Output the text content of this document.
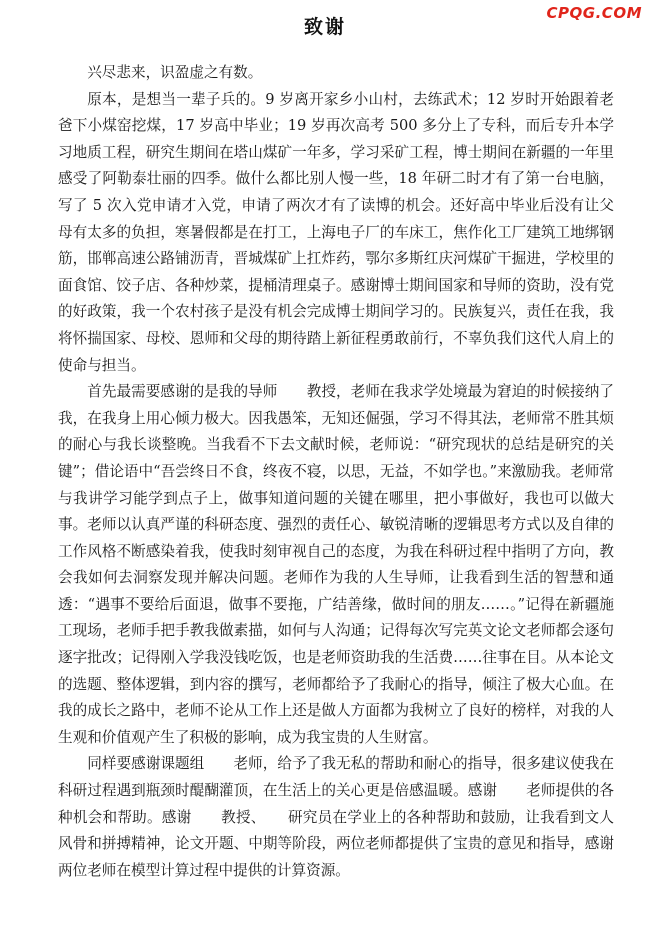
CPQG.COM
致谢

兴尽悲来，识盈虚之有数。

原本，是想当一辈子兵的。9 岁离开家乡小山村，去练武术；12 岁时开始跟着老爸下小煤窑挖煤，17 岁高中毕业；19 岁再次高考 500 多分上了专科，而后专升本学习地质工程，研究生期间在塔山煤矿一年多，学习采矿工程，博士期间在新疆的一年里感受了阿勒泰壮丽的四季。做什么都比别人慢一些，18 年研二时才有了第一台电脑，写了 5 次入党申请才入党，申请了两次才有了读博的机会。还好高中毕业后没有让父母有太多的负担，寒暑假都是在打工，上海电子厂的车床工，焦作化工厂建筑工地绑钢筋，邯郸高速公路铺沥青，晋城煤矿上扛炸药，鄂尔多斯红庆河煤矿干掘进，学校里的面食馆、饺子店、各种炒菜，提桶清理桌子。感谢博士期间国家和导师的资助，没有党的好政策，我一个农村孩子是没有机会完成博士期间学习的。民族复兴，责任在我，我将怀揣国家、母校、恩师和父母的期待踏上新征程勇敢前行，不辜负我们这代人肩上的使命与担当。

首先最需要感谢的是我的导师　　教授，老师在我求学处境最为窘迫的时候接纳了我，在我身上用心倾力极大。因我愚笨，无知还倔强，学习不得其法，老师常不胜其烦的耐心与我长谈整晚。当我看不下去文献时候，老师说：“研究现状的总结是研究的关键”；借论语中“吾尝终日不食，终夜不寝，以思，无益，不如学也。”来激励我。老师常与我讲学习能学到点子上，做事知道问题的关键在哪里，把小事做好，我也可以做大事。老师以认真严谨的科研态度、强烈的责任心、敏锐清晰的逻辑思考方式以及自律的工作风格不断感染着我，使我时刻审视自己的态度，为我在科研过程中指明了方向，教会我如何去洞察发现并解决问题。老师作为我的人生导师，让我看到生活的智慧和通透：“遇事不要给后面退，做事不要拖，广结善缘，做时间的朋友……。”记得在新疆施工现场，老师手把手教我做素描，如何与人沟通；记得每次写完英文论文老师都会逐句逐字批改；记得刚入学我没钱吃饭，也是老师资助我的生活费……往事在目。从本论文的选题、整体逻辑，到内容的撰写，老师都给予了我耐心的指导，倾注了极大心血。在我的成长之路中，老师不论从工作上还是做人方面都为我树立了良好的榜样，对我的人生观和价值观产生了积极的影响，成为我宝贵的人生财富。

同样要感谢课题组　　老师，给予了我无私的帮助和耐心的指导，很多建议使我在科研过程遇到瓶颈时醍醐灌顶，在生活上的关心更是倍感温暖。感谢　　老师提供的各种机会和帮助。感谢　　教授、　　研究员在学业上的各种帮助和鼓励，让我看到文人风骨和拼搏精神，论文开题、中期等阶段，两位老师都提供了宝贵的意见和指导，感谢两位老师在模型计算过程中提供的计算资源。
